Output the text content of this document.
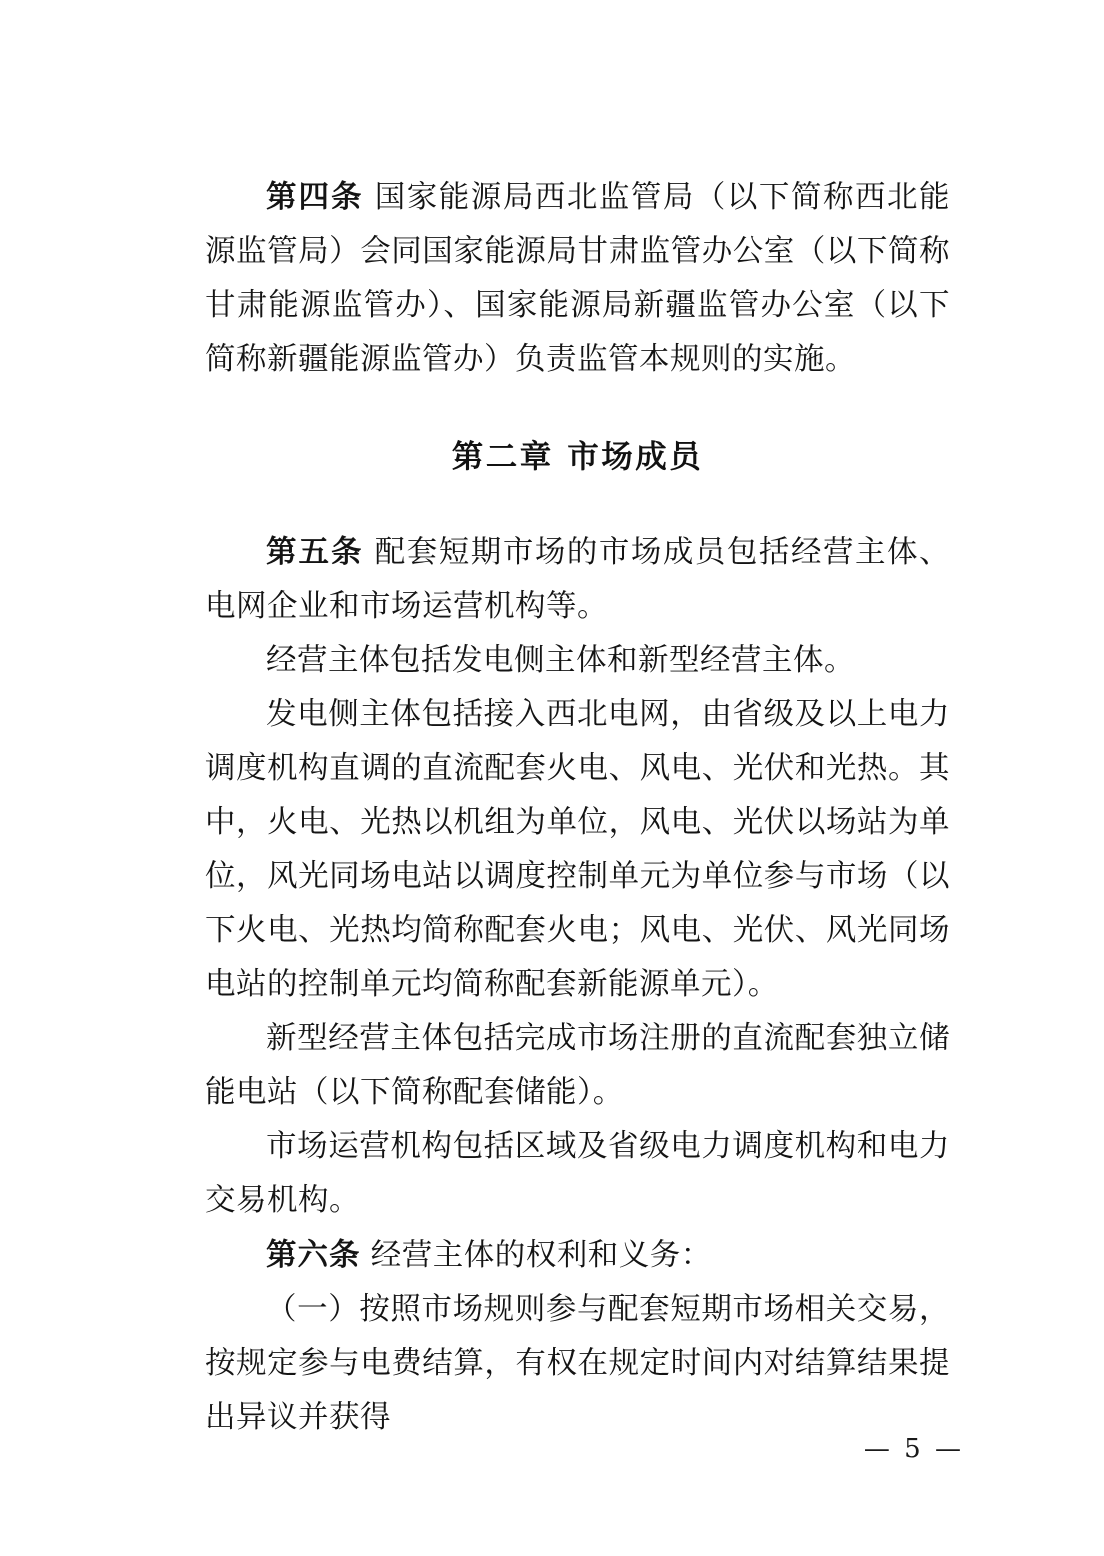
第四条 国家能源局西北监管局（以下简称西北能源监管局）会同国家能源局甘肃监管办公室（以下简称甘肃能源监管办）、国家能源局新疆监管办公室（以下简称新疆能源监管办）负责监管本规则的实施。

第二章 市场成员

第五条 配套短期市场的市场成员包括经营主体、电网企业和市场运营机构等。

经营主体包括发电侧主体和新型经营主体。

发电侧主体包括接入西北电网，由省级及以上电力调度机构直调的直流配套火电、风电、光伏和光热。其中，火电、光热以机组为单位，风电、光伏以场站为单位，风光同场电站以调度控制单元为单位参与市场（以下火电、光热均简称配套火电；风电、光伏、风光同场电站的控制单元均简称配套新能源单元）。

新型经营主体包括完成市场注册的直流配套独立储能电站（以下简称配套储能）。

市场运营机构包括区域及省级电力调度机构和电力交易机构。

第六条 经营主体的权利和义务：

（一）按照市场规则参与配套短期市场相关交易，按规定参与电费结算，有权在规定时间内对结算结果提出异议并获得

— 5 —
